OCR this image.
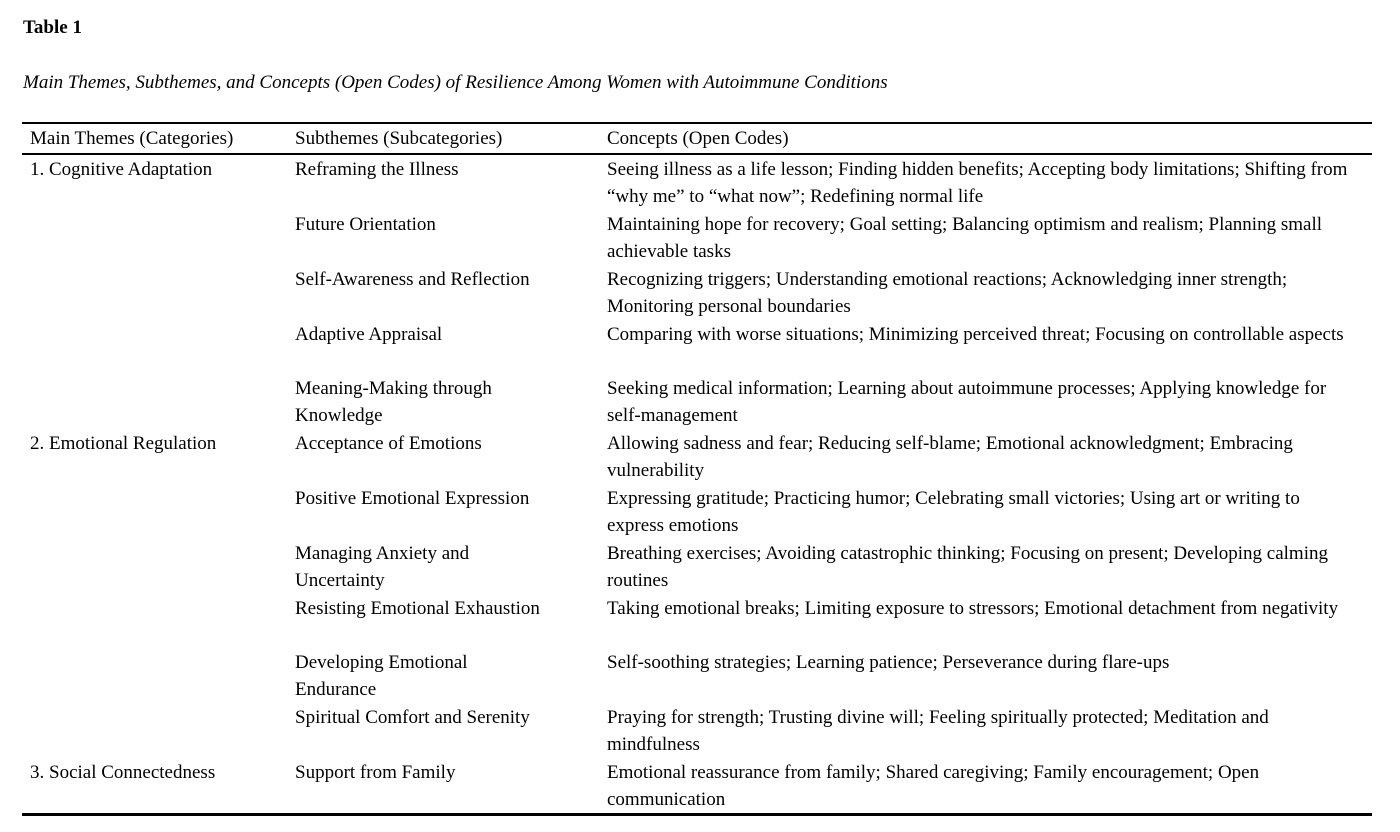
Table 1
Main Themes, Subthemes, and Concepts (Open Codes) of Resilience Among Women with Autoimmune Conditions
Main Themes (Categories)	Subthemes (Subcategories)	Concepts (Open Codes)
1. Cognitive Adaptation	Reframing the Illness	Seeing illness as a life lesson; Finding hidden benefits; Accepting body limitations; Shifting from “why me” to “what now”; Redefining normal life
	Future Orientation	Maintaining hope for recovery; Goal setting; Balancing optimism and realism; Planning small achievable tasks
	Self-Awareness and Reflection	Recognizing triggers; Understanding emotional reactions; Acknowledging inner strength; Monitoring personal boundaries
	Adaptive Appraisal	Comparing with worse situations; Minimizing perceived threat; Focusing on controllable aspects
	Meaning-Making through Knowledge	Seeking medical information; Learning about autoimmune processes; Applying knowledge for self-management
2. Emotional Regulation	Acceptance of Emotions	Allowing sadness and fear; Reducing self-blame; Emotional acknowledgment; Embracing vulnerability
	Positive Emotional Expression	Expressing gratitude; Practicing humor; Celebrating small victories; Using art or writing to express emotions
	Managing Anxiety and Uncertainty	Breathing exercises; Avoiding catastrophic thinking; Focusing on present; Developing calming routines
	Resisting Emotional Exhaustion	Taking emotional breaks; Limiting exposure to stressors; Emotional detachment from negativity
	Developing Emotional Endurance	Self-soothing strategies; Learning patience; Perseverance during flare-ups
	Spiritual Comfort and Serenity	Praying for strength; Trusting divine will; Feeling spiritually protected; Meditation and mindfulness
3. Social Connectedness	Support from Family	Emotional reassurance from family; Shared caregiving; Family encouragement; Open communication
